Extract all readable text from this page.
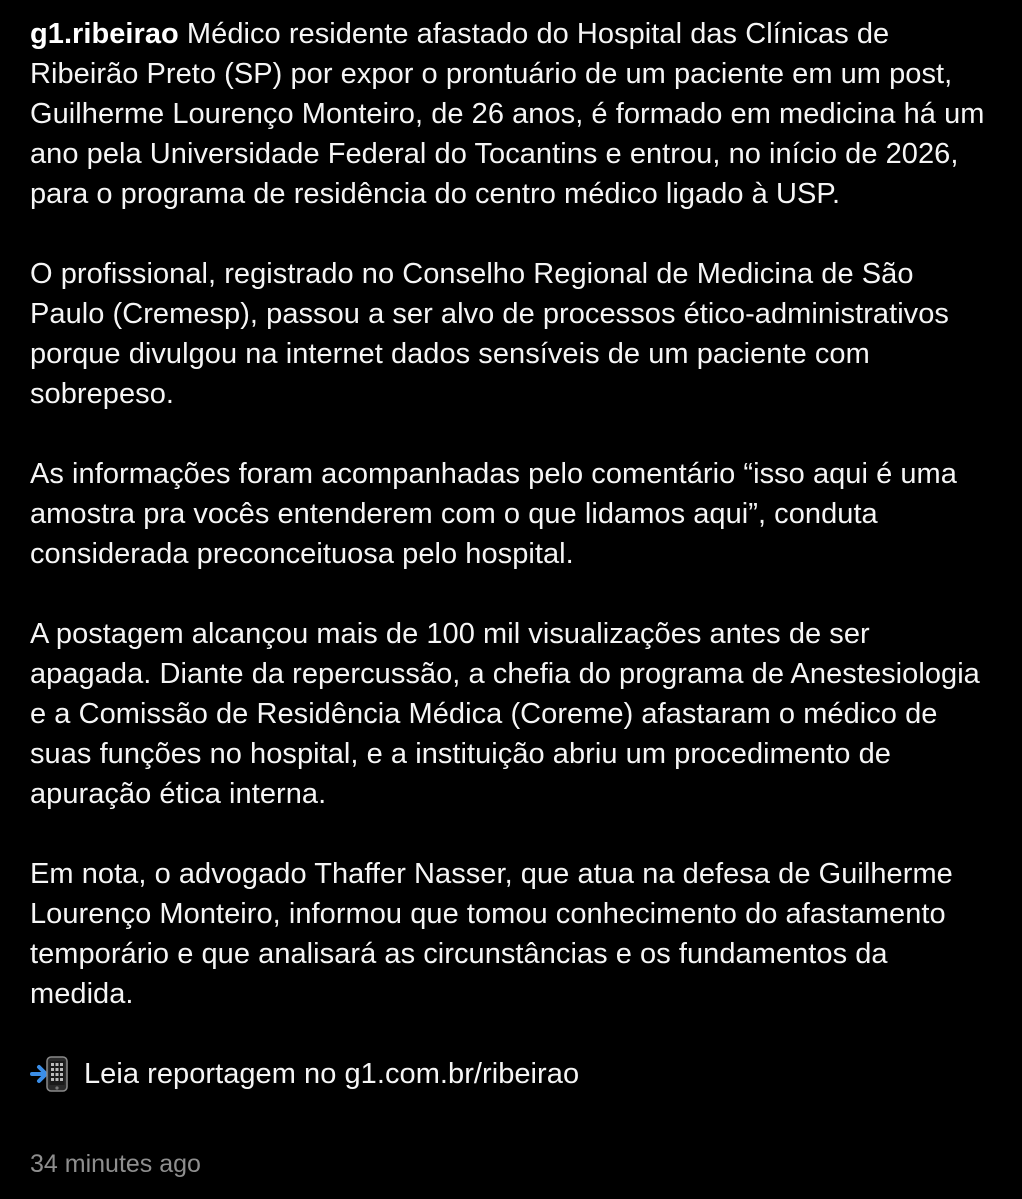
g1.ribeirao Médico residente afastado do Hospital das Clínicas de Ribeirão Preto (SP) por expor o prontuário de um paciente em um post, Guilherme Lourenço Monteiro, de 26 anos, é formado em medicina há um ano pela Universidade Federal do Tocantins e entrou, no início de 2026, para o programa de residência do centro médico ligado à USP.

O profissional, registrado no Conselho Regional de Medicina de São Paulo (Cremesp), passou a ser alvo de processos ético-administrativos porque divulgou na internet dados sensíveis de um paciente com sobrepeso.

As informações foram acompanhadas pelo comentário “isso aqui é uma amostra pra vocês entenderem com o que lidamos aqui”, conduta considerada preconceituosa pelo hospital.

A postagem alcançou mais de 100 mil visualizações antes de ser apagada. Diante da repercussão, a chefia do programa de Anestesiologia e a Comissão de Residência Médica (Coreme) afastaram o médico de suas funções no hospital, e a instituição abriu um procedimento de apuração ética interna.

Em nota, o advogado Thaffer Nasser, que atua na defesa de Guilherme Lourenço Monteiro, informou que tomou conhecimento do afastamento temporário e que analisará as circunstâncias e os fundamentos da medida.

Leia reportagem no g1.com.br/ribeirao

34 minutes ago
